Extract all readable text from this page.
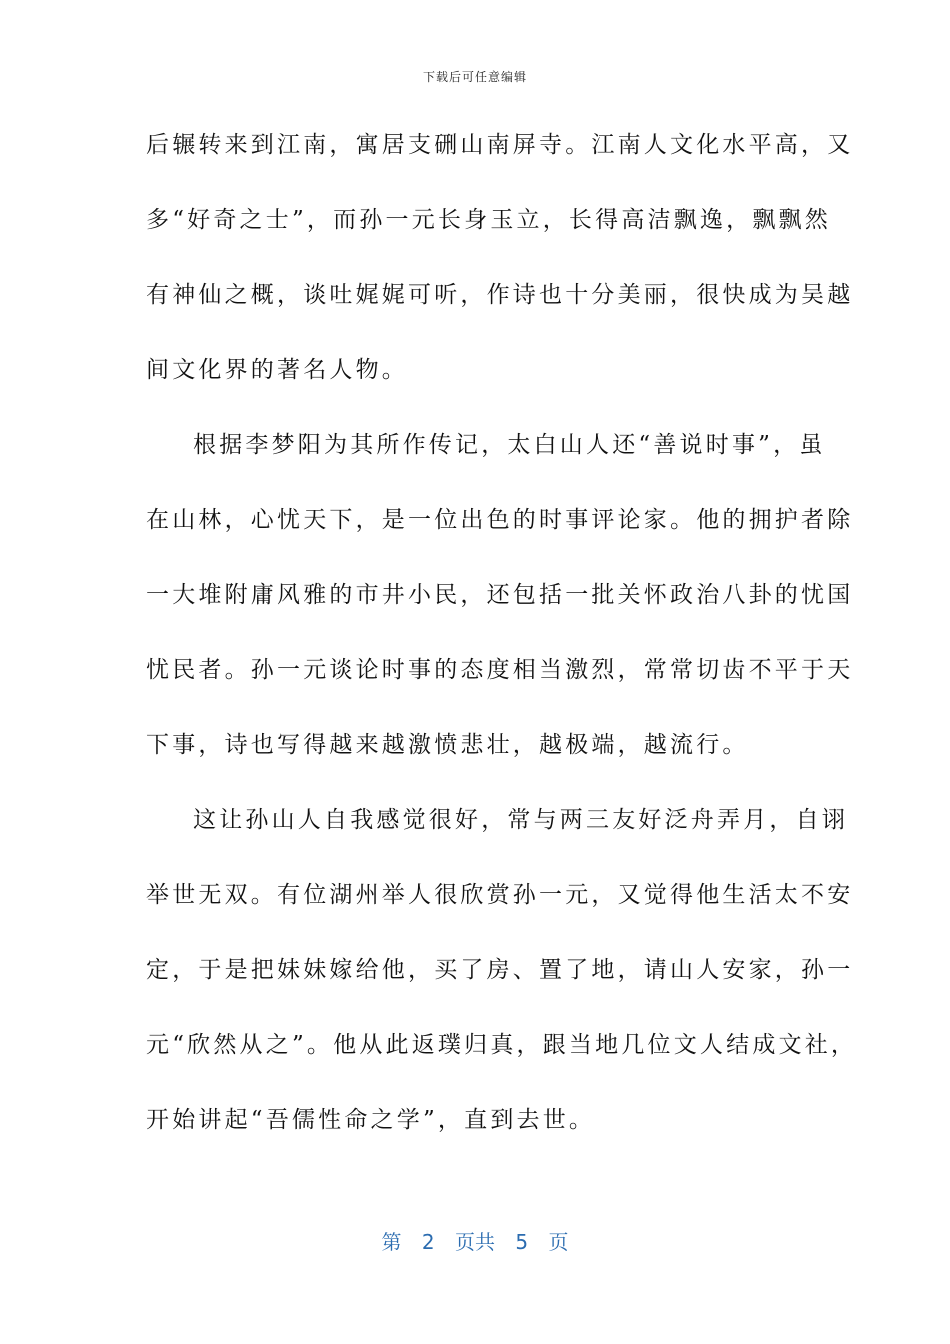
下载后可任意编辑
后辗转来到江南，寓居支硎山南屏寺。江南人文化水平高，又
多“好奇之士”，而孙一元长身玉立，长得高洁飘逸，飘飘然
有神仙之概，谈吐娓娓可听，作诗也十分美丽，很快成为吴越
间文化界的著名人物。
根据李梦阳为其所作传记，太白山人还“善说时事”，虽
在山林，心忧天下，是一位出色的时事评论家。他的拥护者除
一大堆附庸风雅的市井小民，还包括一批关怀政治八卦的忧国
忧民者。孙一元谈论时事的态度相当激烈，常常切齿不平于天
下事，诗也写得越来越激愤悲壮，越极端，越流行。
这让孙山人自我感觉很好，常与两三友好泛舟弄月，自诩
举世无双。有位湖州举人很欣赏孙一元，又觉得他生活太不安
定，于是把妹妹嫁给他，买了房、置了地，请山人安家，孙一
元“欣然从之”。他从此返璞归真，跟当地几位文人结成文社，
开始讲起“吾儒性命之学”，直到去世。
第 2 页共 5 页
